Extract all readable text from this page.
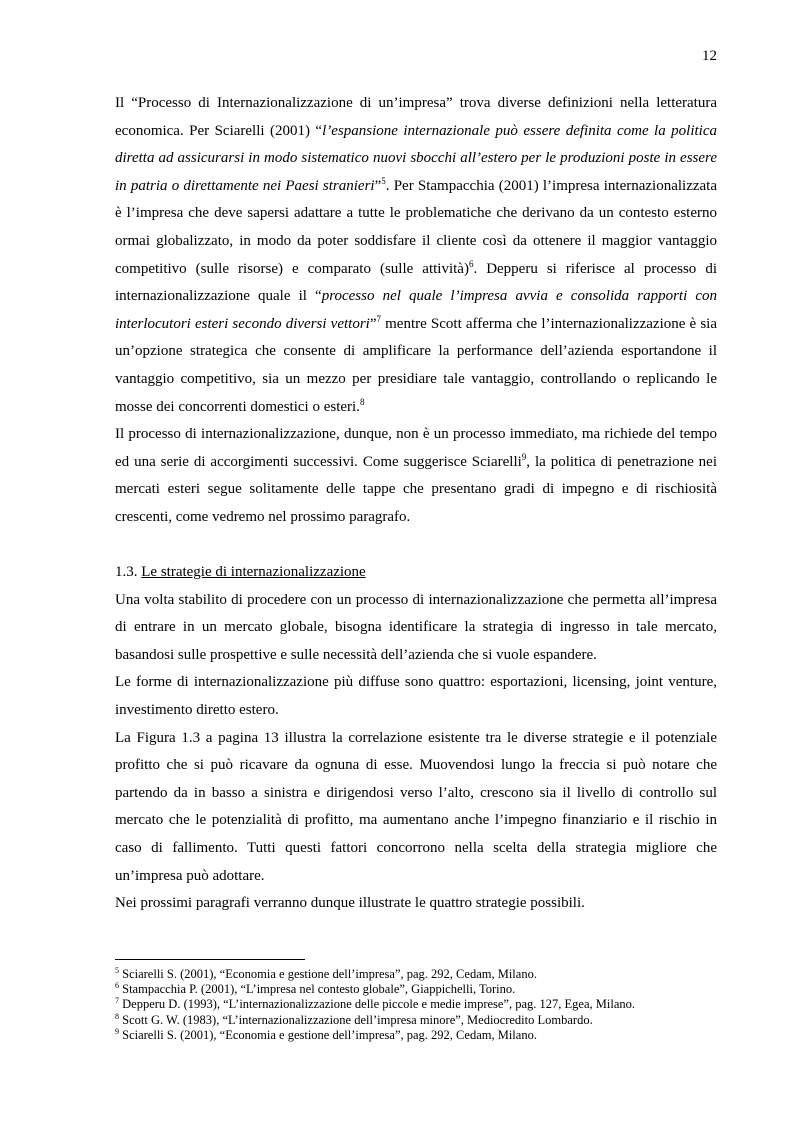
12

Il “Processo di Internazionalizzazione di un’impresa” trova diverse definizioni nella letteratura economica. Per Sciarelli (2001) “l’espansione internazionale può essere definita come la politica diretta ad assicurarsi in modo sistematico nuovi sbocchi all’estero per le produzioni poste in essere in patria o direttamente nei Paesi stranieri”$^5$. Per Stampacchia (2001) l’impresa internazionalizzata è l’impresa che deve sapersi adattare a tutte le problematiche che derivano da un contesto esterno ormai globalizzato, in modo da poter soddisfare il cliente così da ottenere il maggior vantaggio competitivo (sulle risorse) e comparato (sulle attività)$^6$. Depperu si riferisce al processo di internazionalizzazione quale il “processo nel quale l’impresa avvia e consolida rapporti con interlocutori esteri secondo diversi vettori”$^7$ mentre Scott afferma che l’internazionalizzazione è sia un’opzione strategica che consente di amplificare la performance dell’azienda esportandone il vantaggio competitivo, sia un mezzo per presidiare tale vantaggio, controllando o replicando le mosse dei concorrenti domestici o esteri.$^8$

Il processo di internazionalizzazione, dunque, non è un processo immediato, ma richiede del tempo ed una serie di accorgimenti successivi. Come suggerisce Sciarelli$^9$, la politica di penetrazione nei mercati esteri segue solitamente delle tappe che presentano gradi di impegno e di rischiosità crescenti, come vedremo nel prossimo paragrafo.

1.3. Le strategie di internazionalizzazione

Una volta stabilito di procedere con un processo di internazionalizzazione che permetta all’impresa di entrare in un mercato globale, bisogna identificare la strategia di ingresso in tale mercato, basandosi sulle prospettive e sulle necessità dell’azienda che si vuole espandere.

Le forme di internazionalizzazione più diffuse sono quattro: esportazioni, licensing, joint venture, investimento diretto estero.

La Figura 1.3 a pagina 13 illustra la correlazione esistente tra le diverse strategie e il potenziale profitto che si può ricavare da ognuna di esse. Muovendosi lungo la freccia si può notare che partendo da in basso a sinistra e dirigendosi verso l’alto, crescono sia il livello di controllo sul mercato che le potenzialità di profitto, ma aumentano anche l’impegno finanziario e il rischio in caso di fallimento. Tutti questi fattori concorrono nella scelta della strategia migliore che un’impresa può adottare.

Nei prossimi paragrafi verranno dunque illustrate le quattro strategie possibili.

$^5$ Sciarelli S. (2001), “Economia e gestione dell’impresa”, pag. 292, Cedam, Milano.

$^6$ Stampacchia P. (2001), “L’impresa nel contesto globale”, Giappichelli, Torino.

$^7$ Depperu D. (1993), “L’internazionalizzazione delle piccole e medie imprese”, pag. 127, Egea, Milano.

$^8$ Scott G. W. (1983), “L’internazionalizzazione dell’impresa minore”, Mediocredito Lombardo.

$^9$ Sciarelli S. (2001), “Economia e gestione dell’impresa”, pag. 292, Cedam, Milano.
